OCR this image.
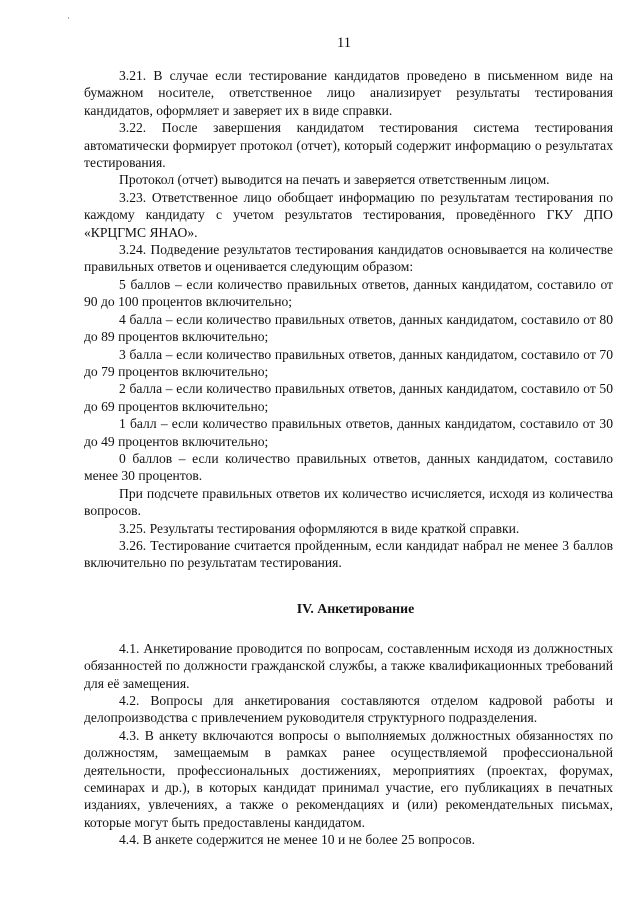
·
11

3.21. В случае если тестирование кандидатов проведено в письменном виде на бумажном носителе, ответственное лицо анализирует результаты тестирования кандидатов, оформляет и заверяет их в виде справки.

3.22. После завершения кандидатом тестирования система тестирования автоматически формирует протокол (отчет), который содержит информацию о результатах тестирования.

Протокол (отчет) выводится на печать и заверяется ответственным лицом.

3.23. Ответственное лицо обобщает информацию по результатам тестирования по каждому кандидату с учетом результатов тестирования, проведённого ГКУ ДПО «КРЦГМС ЯНАО».

3.24. Подведение результатов тестирования кандидатов основывается на количестве правильных ответов и оценивается следующим образом:

5 баллов – если количество правильных ответов, данных кандидатом, составило от 90 до 100 процентов включительно;

4 балла – если количество правильных ответов, данных кандидатом, составило от 80 до 89 процентов включительно;

3 балла – если количество правильных ответов, данных кандидатом, составило от 70 до 79 процентов включительно;

2 балла – если количество правильных ответов, данных кандидатом, составило от 50 до 69 процентов включительно;

1 балл – если количество правильных ответов, данных кандидатом, составило от 30 до 49 процентов включительно;

0 баллов – если количество правильных ответов, данных кандидатом, составило менее 30 процентов.

При подсчете правильных ответов их количество исчисляется, исходя из количества вопросов.

3.25. Результаты тестирования оформляются в виде краткой справки.

3.26. Тестирование считается пройденным, если кандидат набрал не менее 3 баллов включительно по результатам тестирования.

IV. Анкетирование

4.1. Анкетирование проводится по вопросам, составленным исходя из должностных обязанностей по должности гражданской службы, а также квалификационных требований для её замещения.

4.2. Вопросы для анкетирования составляются отделом кадровой работы и делопроизводства с привлечением руководителя структурного подразделения.

4.3. В анкету включаются вопросы о выполняемых должностных обязанностях по должностям, замещаемым в рамках ранее осуществляемой профессиональной деятельности, профессиональных достижениях, мероприятиях (проектах, форумах, семинарах и др.), в которых кандидат принимал участие, его публикациях в печатных изданиях, увлечениях, а также о рекомендациях и (или) рекомендательных письмах, которые могут быть предоставлены кандидатом.

4.4. В анкете содержится не менее 10 и не более 25 вопросов.
